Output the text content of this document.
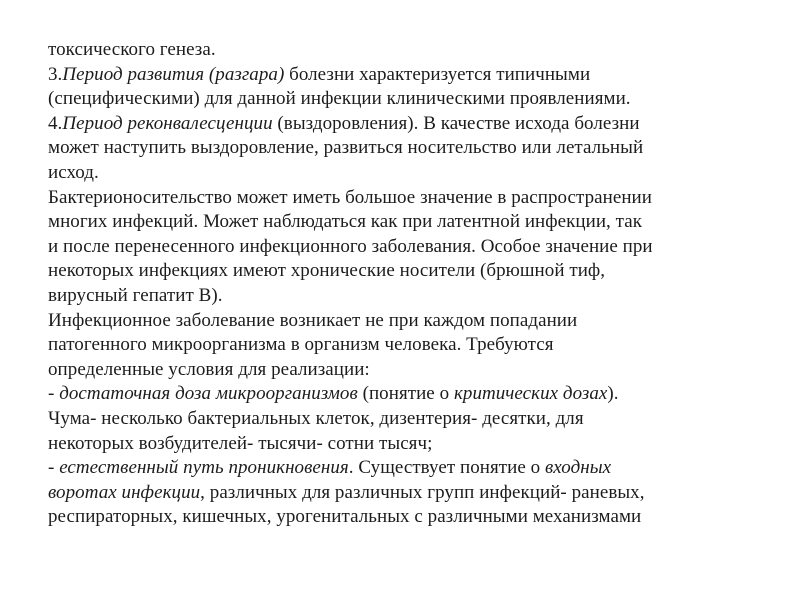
токсического генеза.
3.Период развития (разгара) болезни характеризуется типичными
(специфическими) для данной инфекции клиническими проявлениями.
4.Период реконвалесценции (выздоровления). В качестве исхода болезни
может наступить выздоровление, развиться носительство или летальный
исход.
Бактерионосительство может иметь большое значение в распространении
многих инфекций. Может наблюдаться как при латентной инфекции, так
и после перенесенного инфекционного заболевания. Особое значение при
некоторых инфекциях имеют хронические носители (брюшной тиф,
вирусный гепатит В).
Инфекционное заболевание возникает не при каждом попадании
патогенного микроорганизма в организм человека. Требуются
определенные условия для реализации:
- достаточная доза микроорганизмов (понятие о критических дозах).
Чума- несколько бактериальных клеток, дизентерия- десятки, для
некоторых возбудителей- тысячи- сотни тысяч;
- естественный путь проникновения. Существует понятие о входных
воротах инфекции, различных для различных групп инфекций- раневых,
респираторных, кишечных, урогенитальных с различными механизмами
